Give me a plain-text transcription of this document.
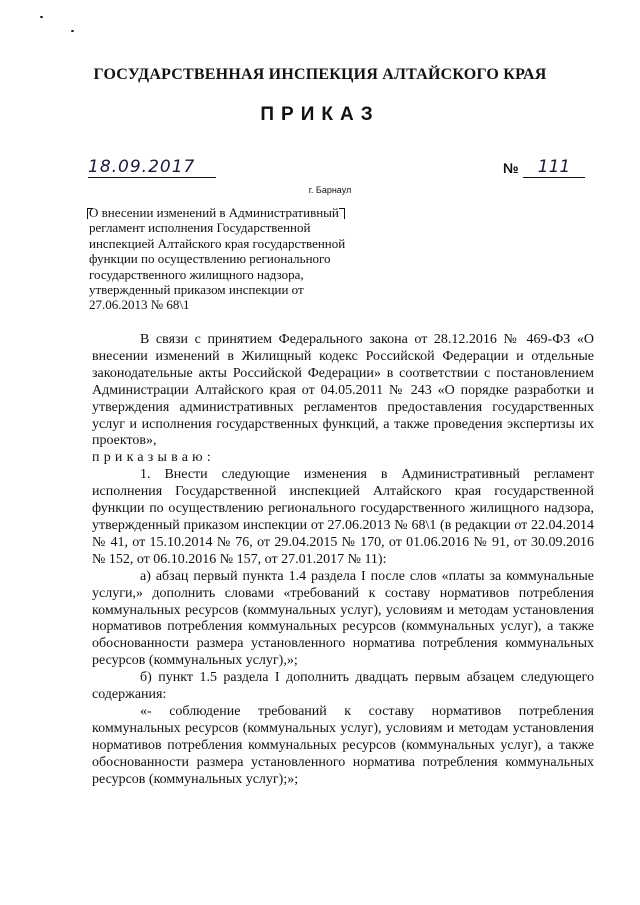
ГОСУДАРСТВЕННАЯ ИНСПЕКЦИЯ АЛТАЙСКОГО КРАЯ
ПРИКАЗ
18.09.2017	№	111
г. Барнаул
О внесении изменений в Административный регламент исполнения Государственной инспекцией Алтайского края государственной функции по осуществлению регионального государственного жилищного надзора, утвержденный приказом инспекции от 27.06.2013 № 68\1

В связи с принятием Федерального закона от 28.12.2016 № 469-ФЗ «О внесении изменений в Жилищный кодекс Российской Федерации и отдельные законодательные акты Российской Федерации» в соответствии с постановлением Администрации Алтайского края от 04.05.2011 № 243 «О порядке разработки и утверждения административных регламентов предоставления государственных услуг и исполнения государственных функций, а также проведения экспертизы их проектов»,

приказываю:

1. Внести следующие изменения в Административный регламент исполнения Государственной инспекцией Алтайского края государственной функции по осуществлению регионального государственного жилищного надзора, утвержденный приказом инспекции от 27.06.2013 № 68\1 (в редакции от 22.04.2014 № 41, от 15.10.2014 № 76, от 29.04.2015 № 170, от 01.06.2016 № 91, от 30.09.2016 № 152, от 06.10.2016 № 157, от 27.01.2017 № 11):

а) абзац первый пункта 1.4 раздела I после слов «платы за коммунальные услуги,» дополнить словами «требований к составу нормативов потребления коммунальных ресурсов (коммунальных услуг), условиям и методам установления нормативов потребления коммунальных ресурсов (коммунальных услуг), а также обоснованности размера установленного норматива потребления коммунальных ресурсов (коммунальных услуг),»;

б) пункт 1.5 раздела I дополнить двадцать первым абзацем следующего содержания:

«- соблюдение требований к составу нормативов потребления коммунальных ресурсов (коммунальных услуг), условиям и методам установления нормативов потребления коммунальных ресурсов (коммунальных услуг), а также обоснованности размера установленного норматива потребления коммунальных ресурсов (коммунальных услуг);»;
